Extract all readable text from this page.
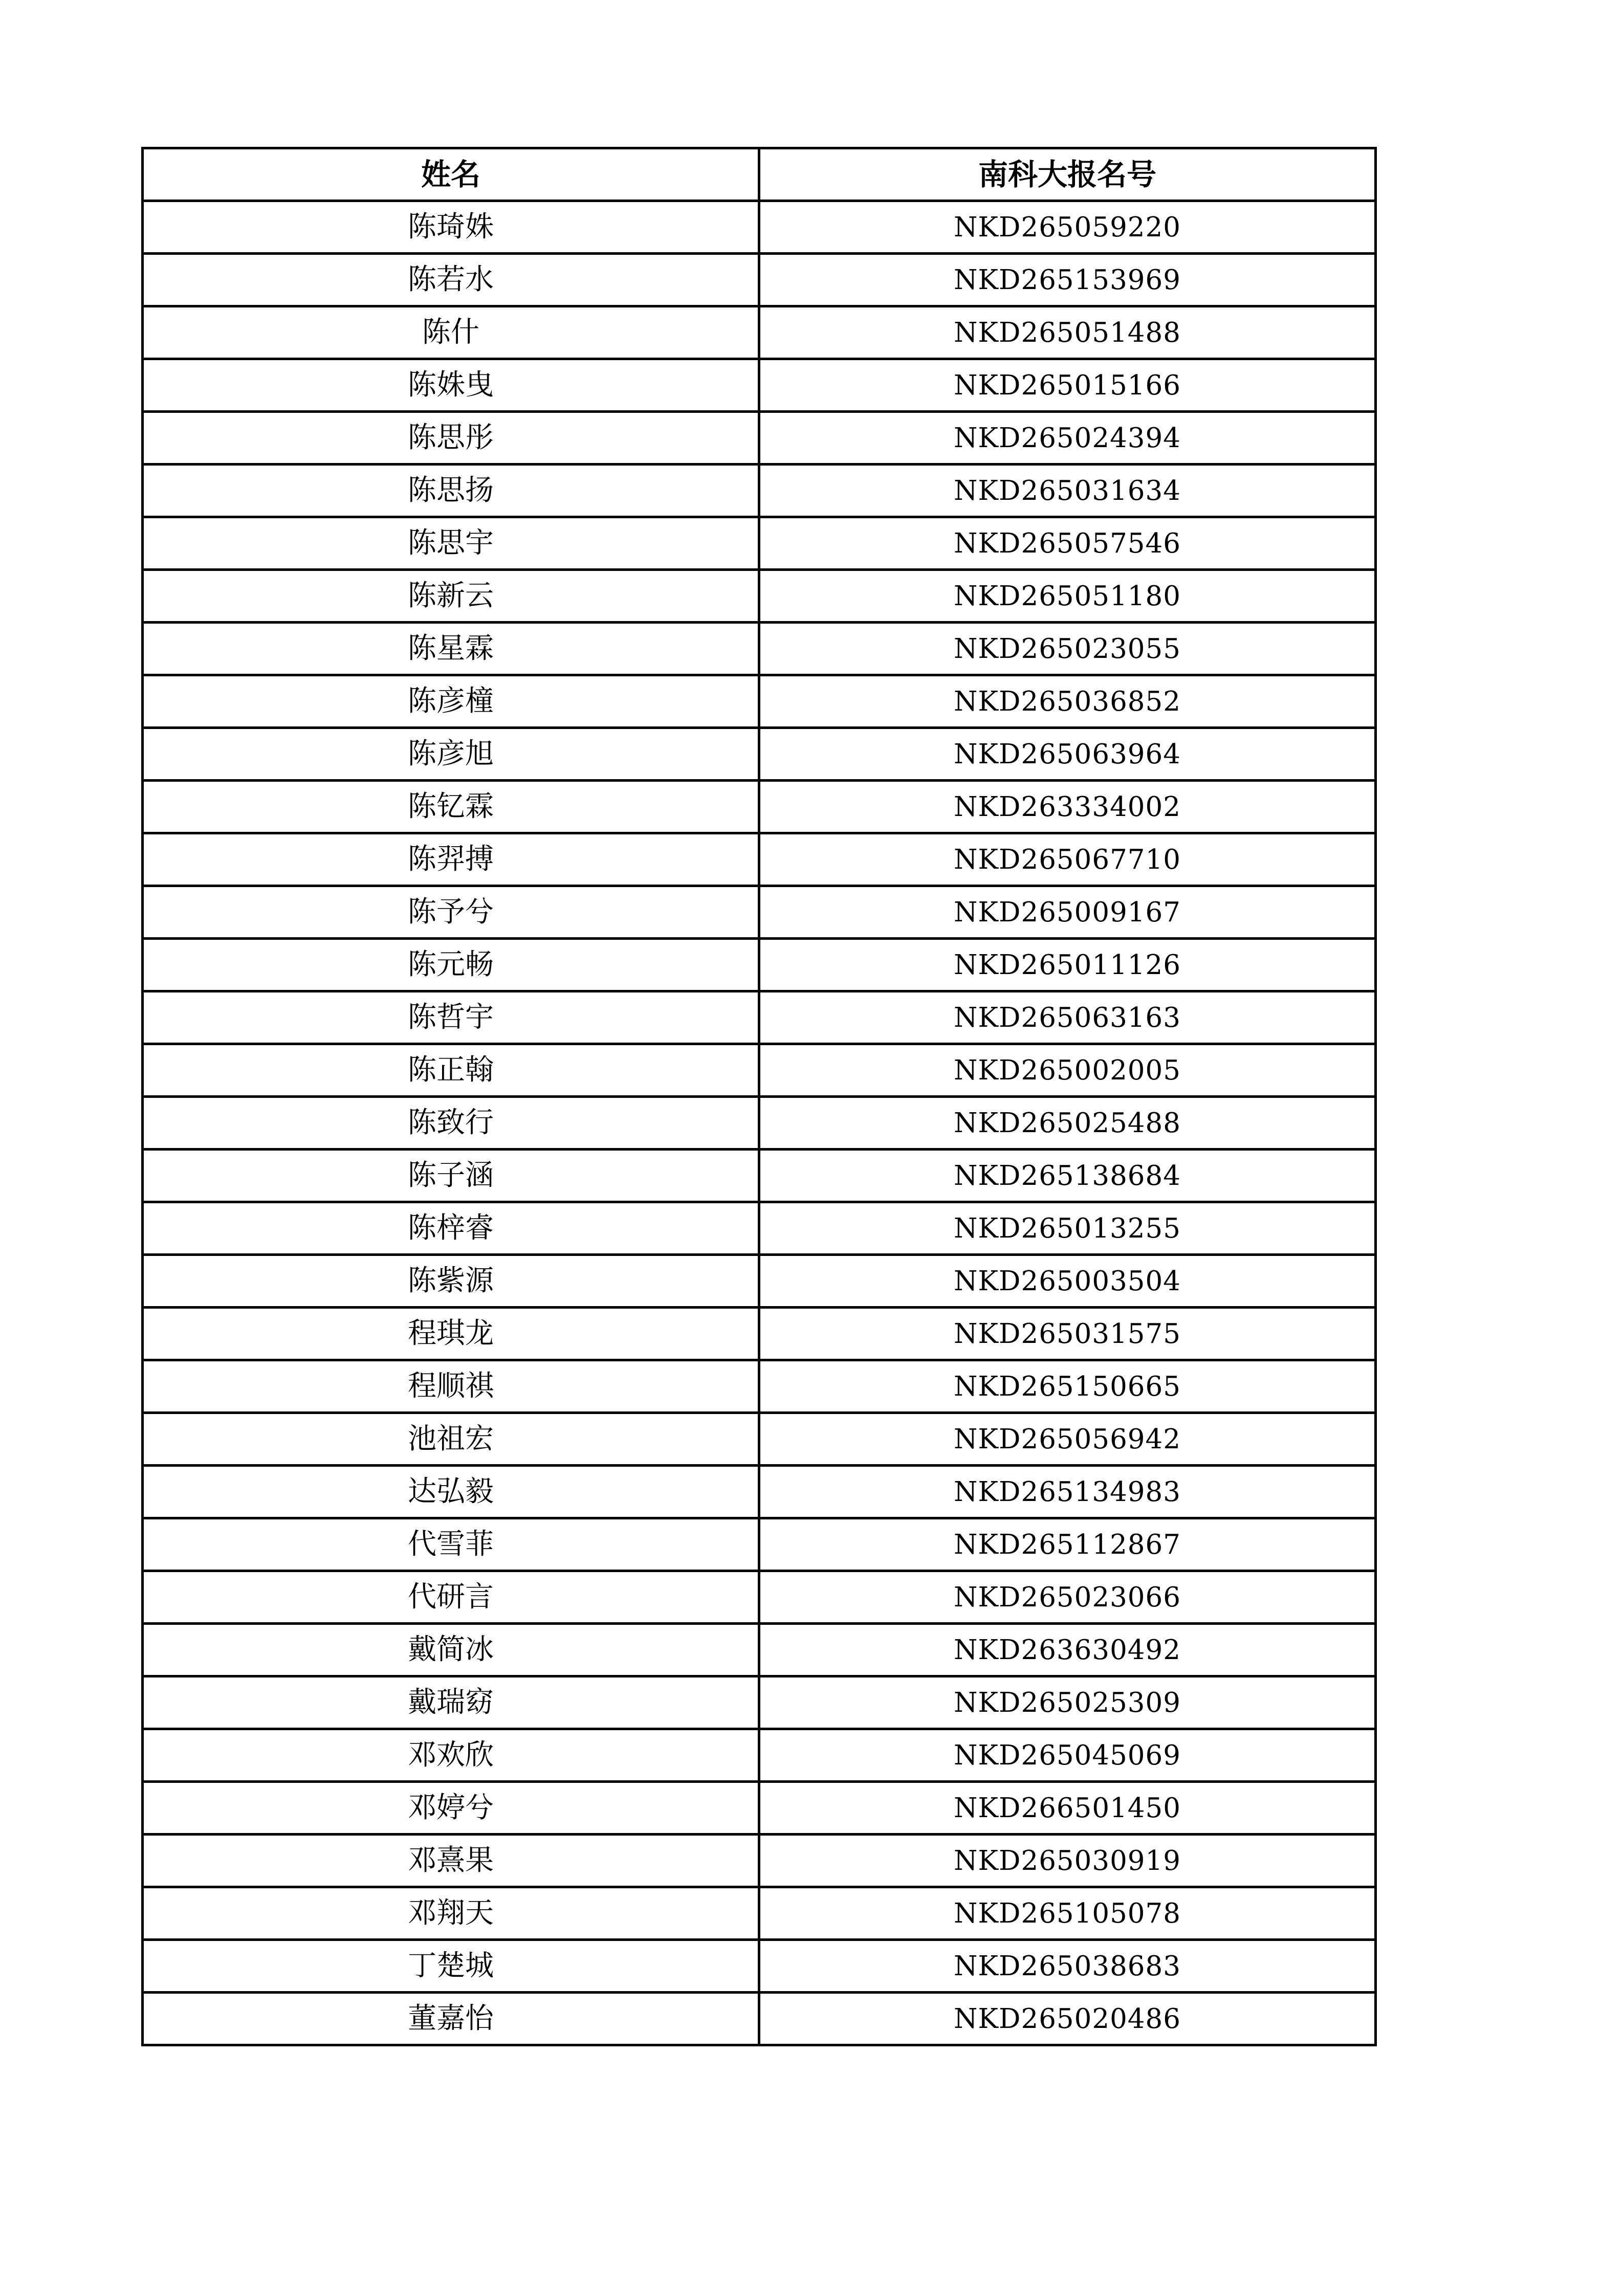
姓名	南科大报名号
陈琦姝	NKD265059220
陈若水	NKD265153969
陈什	NKD265051488
陈姝曳	NKD265015166
陈思彤	NKD265024394
陈思扬	NKD265031634
陈思宇	NKD265057546
陈新云	NKD265051180
陈星霖	NKD265023055
陈彦橦	NKD265036852
陈彦旭	NKD265063964
陈钇霖	NKD263334002
陈羿搏	NKD265067710
陈予兮	NKD265009167
陈元畅	NKD265011126
陈哲宇	NKD265063163
陈正翰	NKD265002005
陈致行	NKD265025488
陈子涵	NKD265138684
陈梓睿	NKD265013255
陈紫源	NKD265003504
程琪龙	NKD265031575
程顺祺	NKD265150665
池祖宏	NKD265056942
达弘毅	NKD265134983
代雪菲	NKD265112867
代研言	NKD265023066
戴简冰	NKD263630492
戴瑞窈	NKD265025309
邓欢欣	NKD265045069
邓婷兮	NKD266501450
邓熹果	NKD265030919
邓翔天	NKD265105078
丁楚城	NKD265038683
董嘉怡	NKD265020486
